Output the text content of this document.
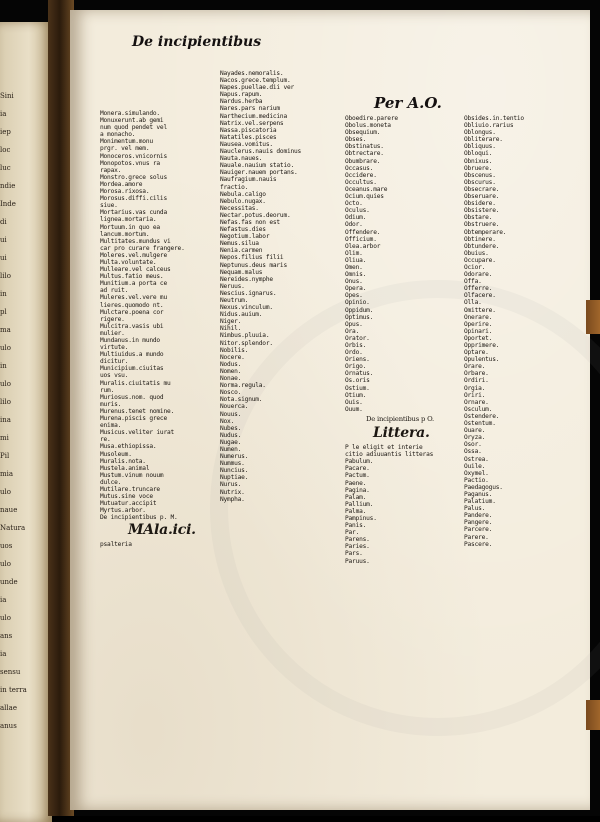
Sini
ia
iep
loc
luc
ndie
Inde
di
ui
ui
lilo
in
pl
ma
ulo
in
ulo
lilo
ina
mi
Pil
mia
ulo
naue
Natura
uos
ulo
unde
ia
ulo
ans
ia
sensu
in terra
allae
anus
De incipientibus
Per A.O.
Monera.simulando.
Monuxerunt.ab gemi
num quod pendet vel
a monacho.
Monimentum.monu
prgr. vel mem.
Monoceros.vnicornis
Monopotos.vnus ra
rapax.
Monstro.grece solus
Mordea.amore
Morosa.rixosa.
Morosus.diffi.cilis
siue.
Mortarius.vas cunda
lignea.mortaria.
Mortuum.in quo ea
lancum.mortum.
Multitates.mundus vi
car pro curare frangere.
Moleres.vel.mulgere
Multa.voluntate.
Mulleare.vel calceus
Multus.fatio meus.
Munitium.a porta ce
ad ruit.
Muleres.vel.vere mu
lieres.quomodo nt.
Mulctare.poena cor
rigere.
Mulcitra.vasis ubi
mulier.
Mundanus.in mundo
virtute.
Multiuidus.a mundo
dicitur.
Municipium.ciuitas
uos vsu.
Muralis.ciuitatis mu
rum.
Muriosus.nom. quod
muris.
Murenus.tenet nomine.
Murena.piscis grece
enima.
Musicus.veliter iurat
re.
Musa.ethiopissa.
Musoleum.
Muralis.nota.
Mustela.animal
Mustum.vinum nouum
dulce.
Mutilare.truncare
Mutus.sine voce
Mutuatur.accipit
Myrtus.arbor.
De incipientibus p. M.
MAla.ici.
psalteria
Nayades.nemoralis.
Nacos.grece.templum.
Napes.puellae.dii ver
Napus.rapum.
Nardus.herba
Nares.pars narium
Narthecium.medicina
Natrix.vel.serpens
Nassa.piscatoria
Natatiles.pisces
Nausea.vomitus.
Nauclerus.nauis dominus
Nauta.naues.
Nauale.nauium statio.
Nauiger.nauem portans.
Naufragium.nauis
fractio.
Nebula.caligo
Nebulo.nugax.
Necessitas.
Nectar.potus.deorum.
Nefas.fas non est
Nefastus.dies
Negotium.labor
Nemus.silua
Nenia.carmen
Nepos.filius filii
Neptunus.deus maris
Nequam.malus
Nereides.nymphe
Neruus.
Nescius.ignarus.
Neutrum.
Nexus.vinculum.
Nidus.auium.
Niger.
Nihil.
Nimbus.pluuia.
Nitor.splendor.
Nobilis.
Nocere.
Nodus.
Nomen.
Nonae.
Norma.regula.
Nosco.
Nota.signum.
Nouerca.
Nouus.
Nox.
Nubes.
Nudus.
Nugae.
Numen.
Numerus.
Nummus.
Nuncius.
Nuptiae.
Nurus.
Nutrix.
Nympha.
Oboedire.parere
Obolus.moneta
Obsequium.
Obses.
Obstinatus.
Obtrectare.
Obumbrare.
Occasus.
Occidere.
Occultus.
Oceanus.mare
Ocium.quies
Octo.
Oculus.
Odium.
Odor.
Offendere.
Officium.
Olea.arbor
Olim.
Oliua.
Omen.
Omnis.
Onus.
Opera.
Opes.
Opinio.
Oppidum.
Optimus.
Opus.
Ora.
Orator.
Orbis.
Ordo.
Oriens.
Origo.
Ornatus.
Os.oris
Ostium.
Otium.
Ouis.
Ouum.
De incipientibus p O.
Littera.
P le eligit et interie
citio adiuuantis litteras
Pabulum.
Pacare.
Pactum.
Paene.
Pagina.
Palam.
Pallium.
Palma.
Pampinus.
Panis.
Par.
Parens.
Paries.
Pars.
Paruus.
Obsides.in.tentio
Obliuio.rarius
Oblongus.
Obliterare.
Obliquus.
Obloqui.
Obnixus.
Obruere.
Obscenus.
Obscurus.
Obsecrare.
Obseruare.
Obsidere.
Obsistere.
Obstare.
Obstruere.
Obtemperare.
Obtinere.
Obtundere.
Obuius.
Occupare.
Ocior.
Odorare.
Offa.
Offerre.
Olfacere.
Olla.
Omittere.
Onerare.
Operire.
Opinari.
Oportet.
Opprimere.
Optare.
Opulentus.
Orare.
Orbare.
Ordiri.
Orgia.
Oriri.
Ornare.
Osculum.
Ostendere.
Ostentum.
Ouare.
Oryza.
Osor.
Ossa.
Ostrea.
Ouile.
Oxymel.
Pactio.
Paedagogus.
Paganus.
Palatium.
Palus.
Pandere.
Pangere.
Parcere.
Parere.
Pascere.
